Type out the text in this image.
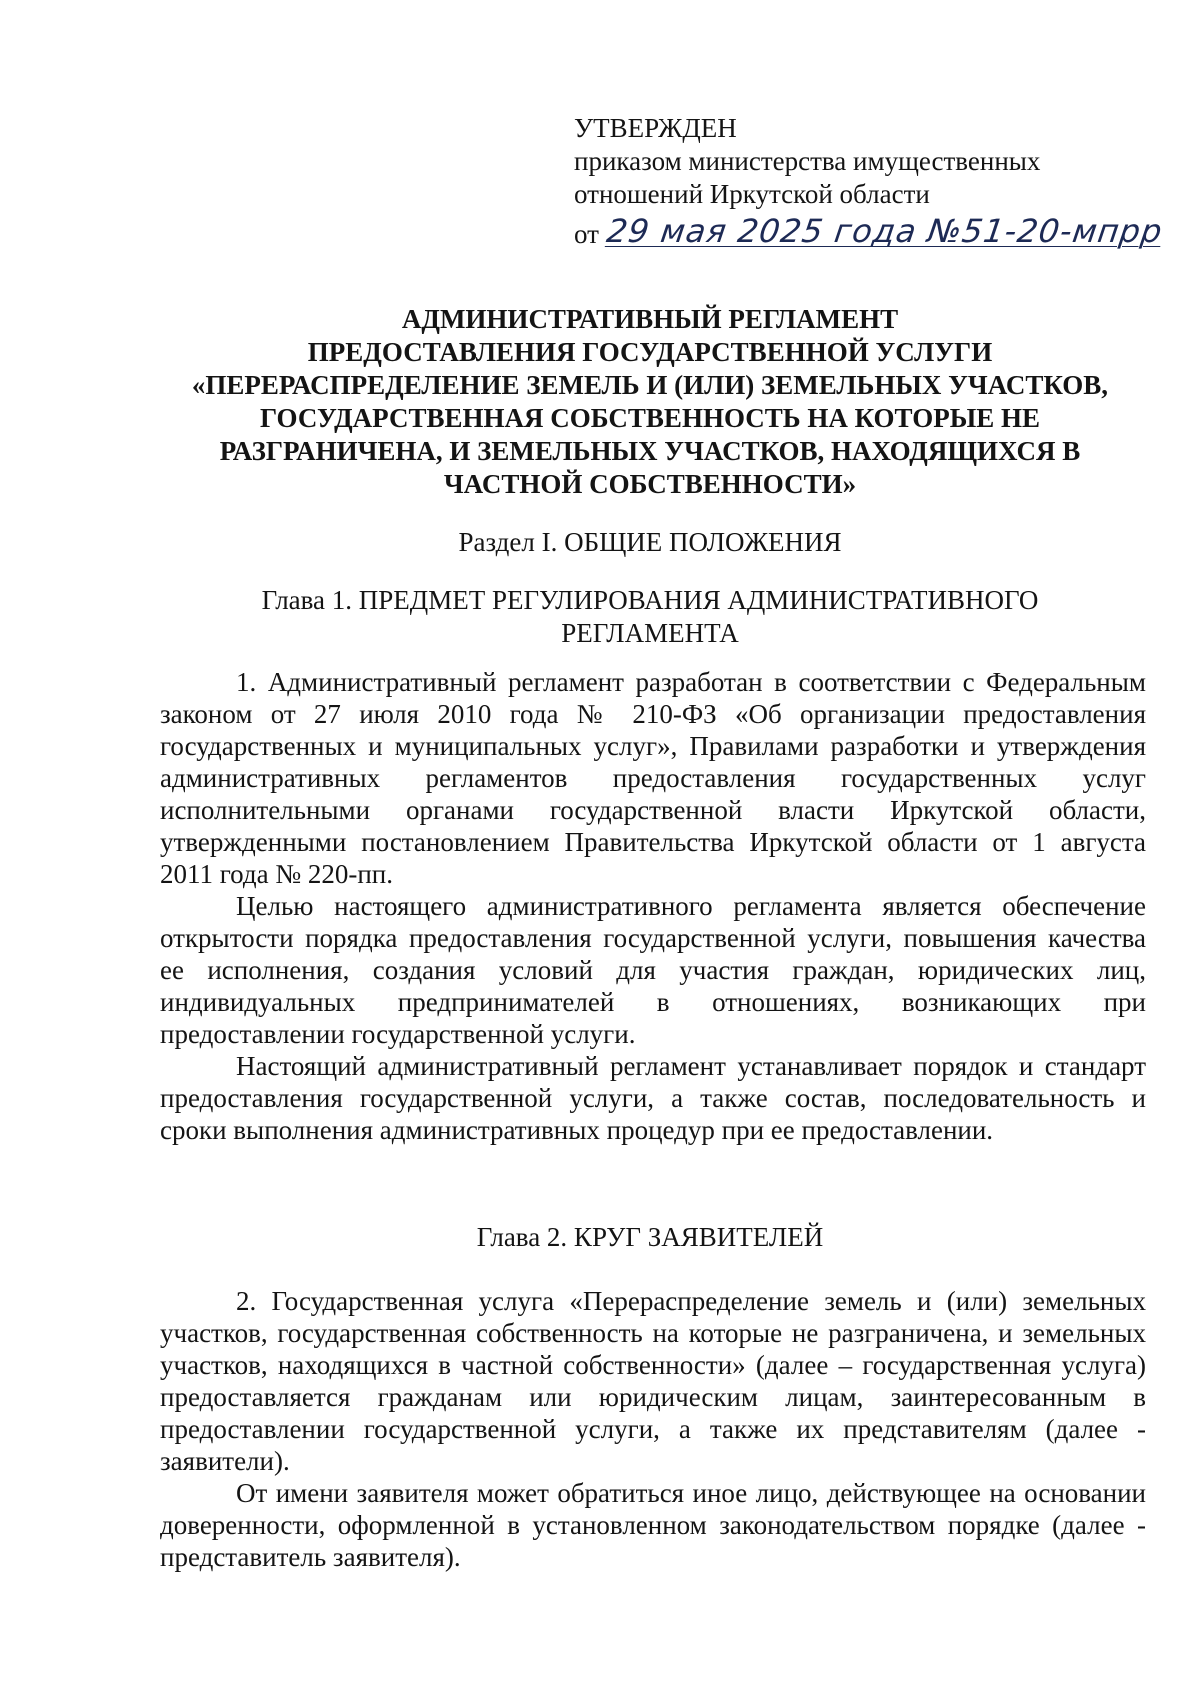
УТВЕРЖДЕН
приказом министерства имущественных
отношений Иркутской области
от 29 мая 2025 года №51-20-мпрр
АДМИНИСТРАТИВНЫЙ РЕГЛАМЕНТ
ПРЕДОСТАВЛЕНИЯ ГОСУДАРСТВЕННОЙ УСЛУГИ
«ПЕРЕРАСПРЕДЕЛЕНИЕ ЗЕМЕЛЬ И (ИЛИ) ЗЕМЕЛЬНЫХ УЧАСТКОВ,
ГОСУДАРСТВЕННАЯ СОБСТВЕННОСТЬ НА КОТОРЫЕ НЕ
РАЗГРАНИЧЕНА, И ЗЕМЕЛЬНЫХ УЧАСТКОВ, НАХОДЯЩИХСЯ В
ЧАСТНОЙ СОБСТВЕННОСТИ»
Раздел I. ОБЩИЕ ПОЛОЖЕНИЯ
Глава 1. ПРЕДМЕТ РЕГУЛИРОВАНИЯ АДМИНИСТРАТИВНОГО РЕГЛАМЕНТА

1. Административный регламент разработан в соответствии с Федеральным законом от 27 июля 2010 года № 210-ФЗ «Об организации предоставления государственных и муниципальных услуг», Правилами разработки и утверждения административных регламентов предоставления государственных услуг исполнительными органами государственной власти Иркутской области, утвержденными постановлением Правительства Иркутской области от 1 августа 2011 года № 220-пп.

Целью настоящего административного регламента является обеспечение открытости порядка предоставления государственной услуги, повышения качества ее исполнения, создания условий для участия граждан, юридических лиц, индивидуальных предпринимателей в отношениях, возникающих при предоставлении государственной услуги.

Настоящий административный регламент устанавливает порядок и стандарт предоставления государственной услуги, а также состав, последовательность и сроки выполнения административных процедур при ее предоставлении.

Глава 2. КРУГ ЗАЯВИТЕЛЕЙ

2. Государственная услуга «Перераспределение земель и (или) земельных участков, государственная собственность на которые не разграничена, и земельных участков, находящихся в частной собственности» (далее – государственная услуга) предоставляется гражданам или юридическим лицам, заинтересованным в предоставлении государственной услуги, а также их представителям (далее - заявители).

От имени заявителя может обратиться иное лицо, действующее на основании доверенности, оформленной в установленном законодательством порядке (далее - представитель заявителя).
